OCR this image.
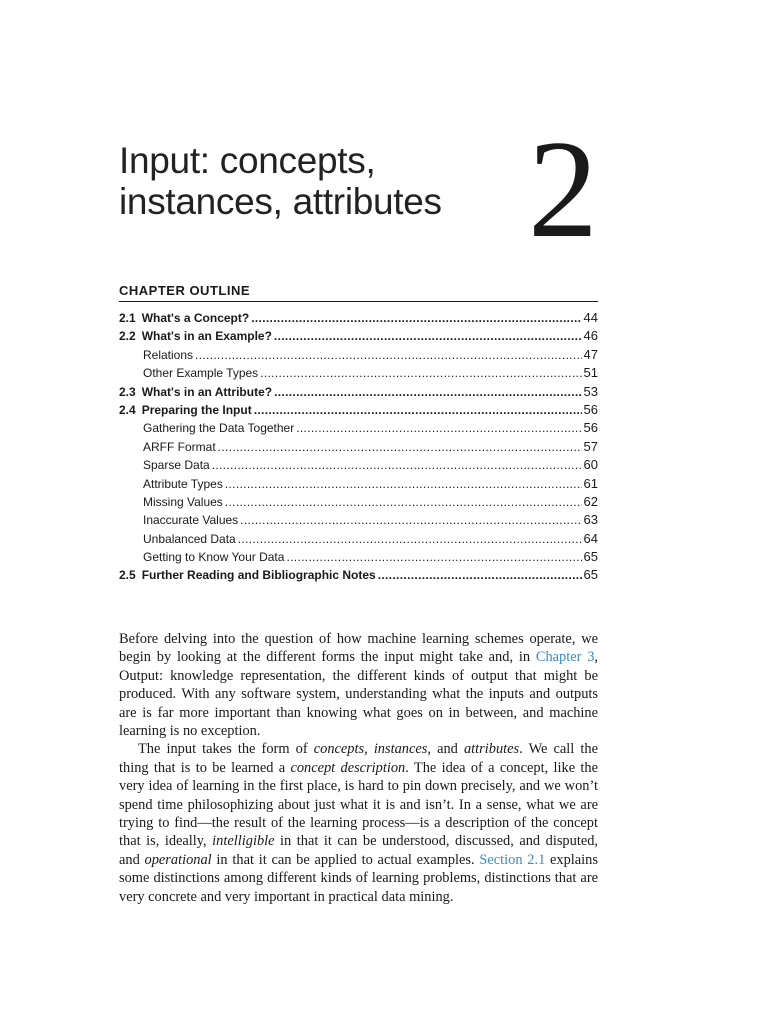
Input: concepts, instances, attributes 2
CHAPTER OUTLINE
2.1 What's a Concept? . . .	44
2.2 What's in an Example? . . .	46
Relations . . .	47
Other Example Types . . .	51
2.3 What's in an Attribute? . . .	53
2.4 Preparing the Input . . .	56
Gathering the Data Together . . .	56
ARFF Format . . .	57
Sparse Data . . .	60
Attribute Types . . .	61
Missing Values . . .	62
Inaccurate Values . . .	63
Unbalanced Data . . .	64
Getting to Know Your Data . . .	65
2.5 Further Reading and Bibliographic Notes . . .	65

Before delving into the question of how machine learning schemes operate, we begin by looking at the different forms the input might take and, in Chapter 3, Output: knowledge representation, the different kinds of output that might be produced. With any software system, understanding what the inputs and outputs are is far more important than knowing what goes on in between, and machine learning is no exception.

The input takes the form of concepts, instances, and attributes. We call the thing that is to be learned a concept description. The idea of a concept, like the very idea of learning in the first place, is hard to pin down precisely, and we won’t spend time philosophizing about just what it is and isn’t. In a sense, what we are trying to find—the result of the learning process—is a description of the concept that is, ideally, intelligible in that it can be understood, discussed, and disputed, and operational in that it can be applied to actual examples. Section 2.1 explains some distinctions among different kinds of learning problems, distinctions that are very concrete and very important in practical data mining.
